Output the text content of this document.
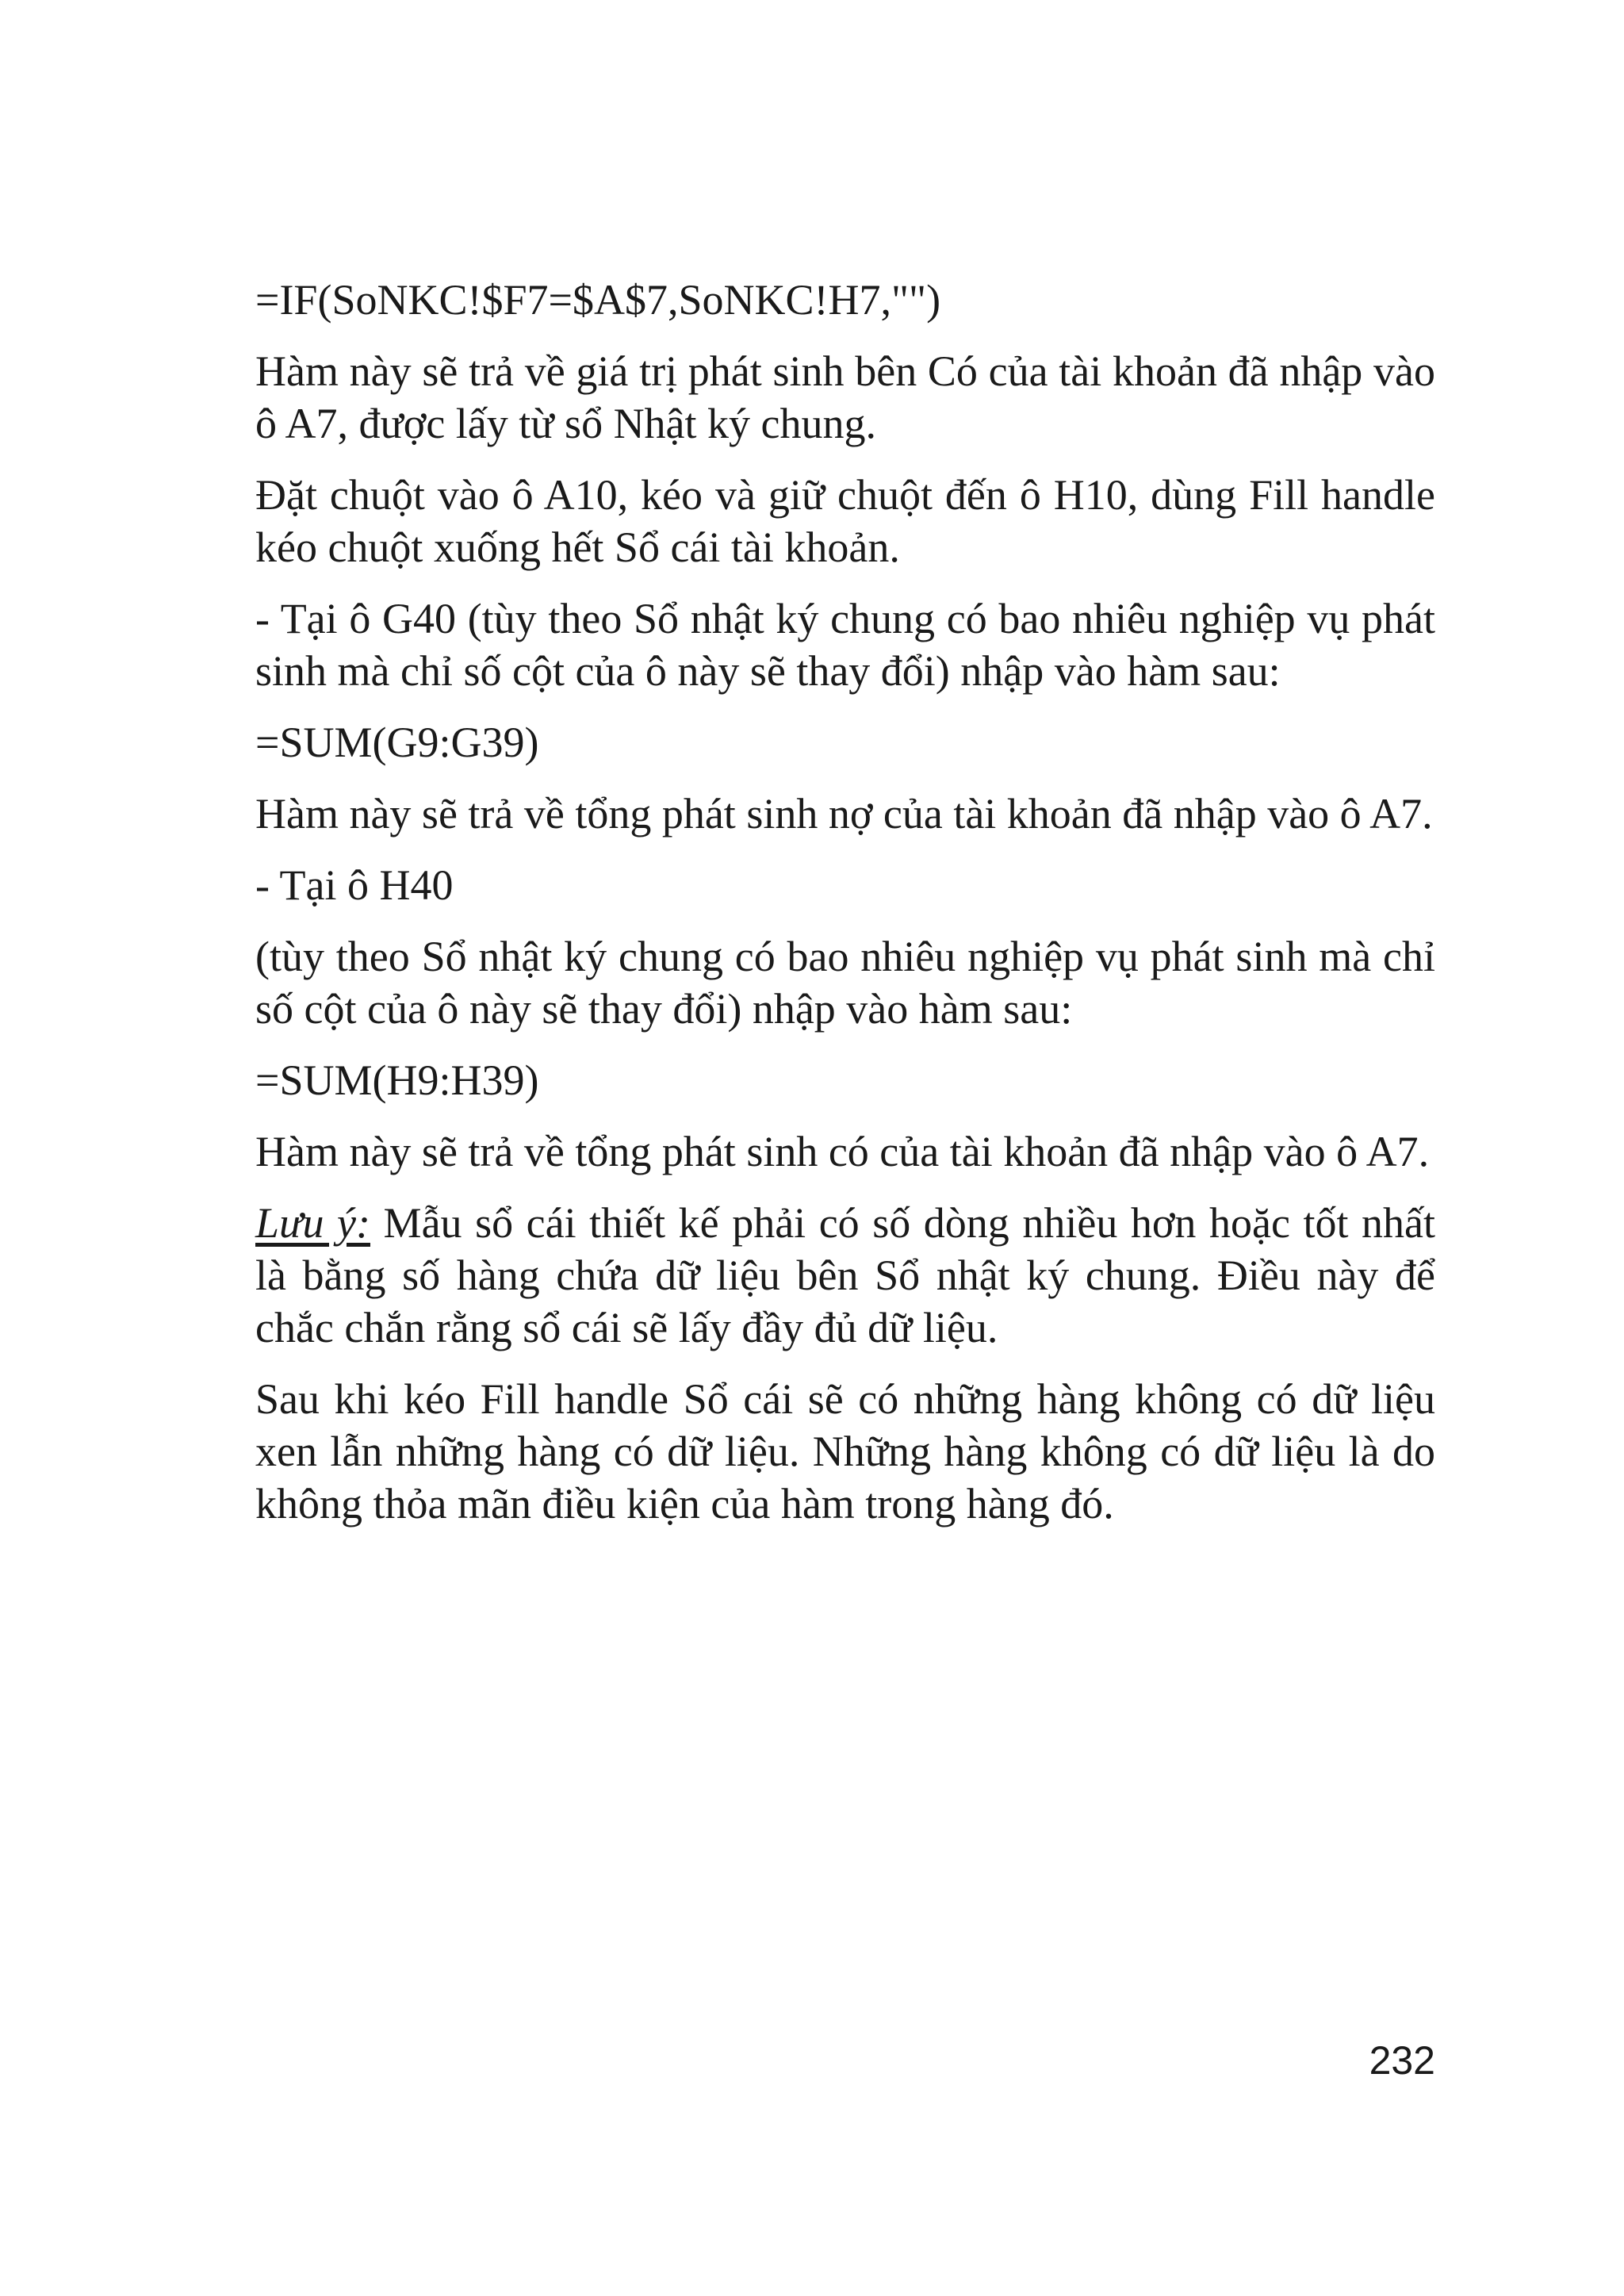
=IF(SoNKC!$F7=$A$7,SoNKC!H7,"")

Hàm này sẽ trả về giá trị phát sinh bên Có của tài khoản đã nhập vào ô A7, được lấy từ sổ Nhật ký chung.

Đặt chuột vào ô A10, kéo và giữ chuột đến ô H10, dùng Fill handle kéo chuột xuống hết Sổ cái tài khoản.

- Tại ô G40 (tùy theo Sổ nhật ký chung có bao nhiêu nghiệp vụ phát sinh mà chỉ số cột của ô này sẽ thay đổi) nhập vào hàm sau:

=SUM(G9:G39)

Hàm này sẽ trả về tổng phát sinh nợ của tài khoản đã nhập vào ô A7.

- Tại ô H40

(tùy theo Sổ nhật ký chung có bao nhiêu nghiệp vụ phát sinh mà chỉ số cột của ô này sẽ thay đổi) nhập vào hàm sau:

=SUM(H9:H39)

Hàm này sẽ trả về tổng phát sinh có của tài khoản đã nhập vào ô A7.

Lưu ý: Mẫu sổ cái thiết kế phải có số dòng nhiều hơn hoặc tốt nhất là bằng số hàng chứa dữ liệu bên Sổ nhật ký chung. Điều này để chắc chắn rằng sổ cái sẽ lấy đầy đủ dữ liệu.

Sau khi kéo Fill handle Sổ cái sẽ có những hàng không có dữ liệu xen lẫn những hàng có dữ liệu. Những hàng không có dữ liệu là do không thỏa mãn điều kiện của hàm trong hàng đó.

232
